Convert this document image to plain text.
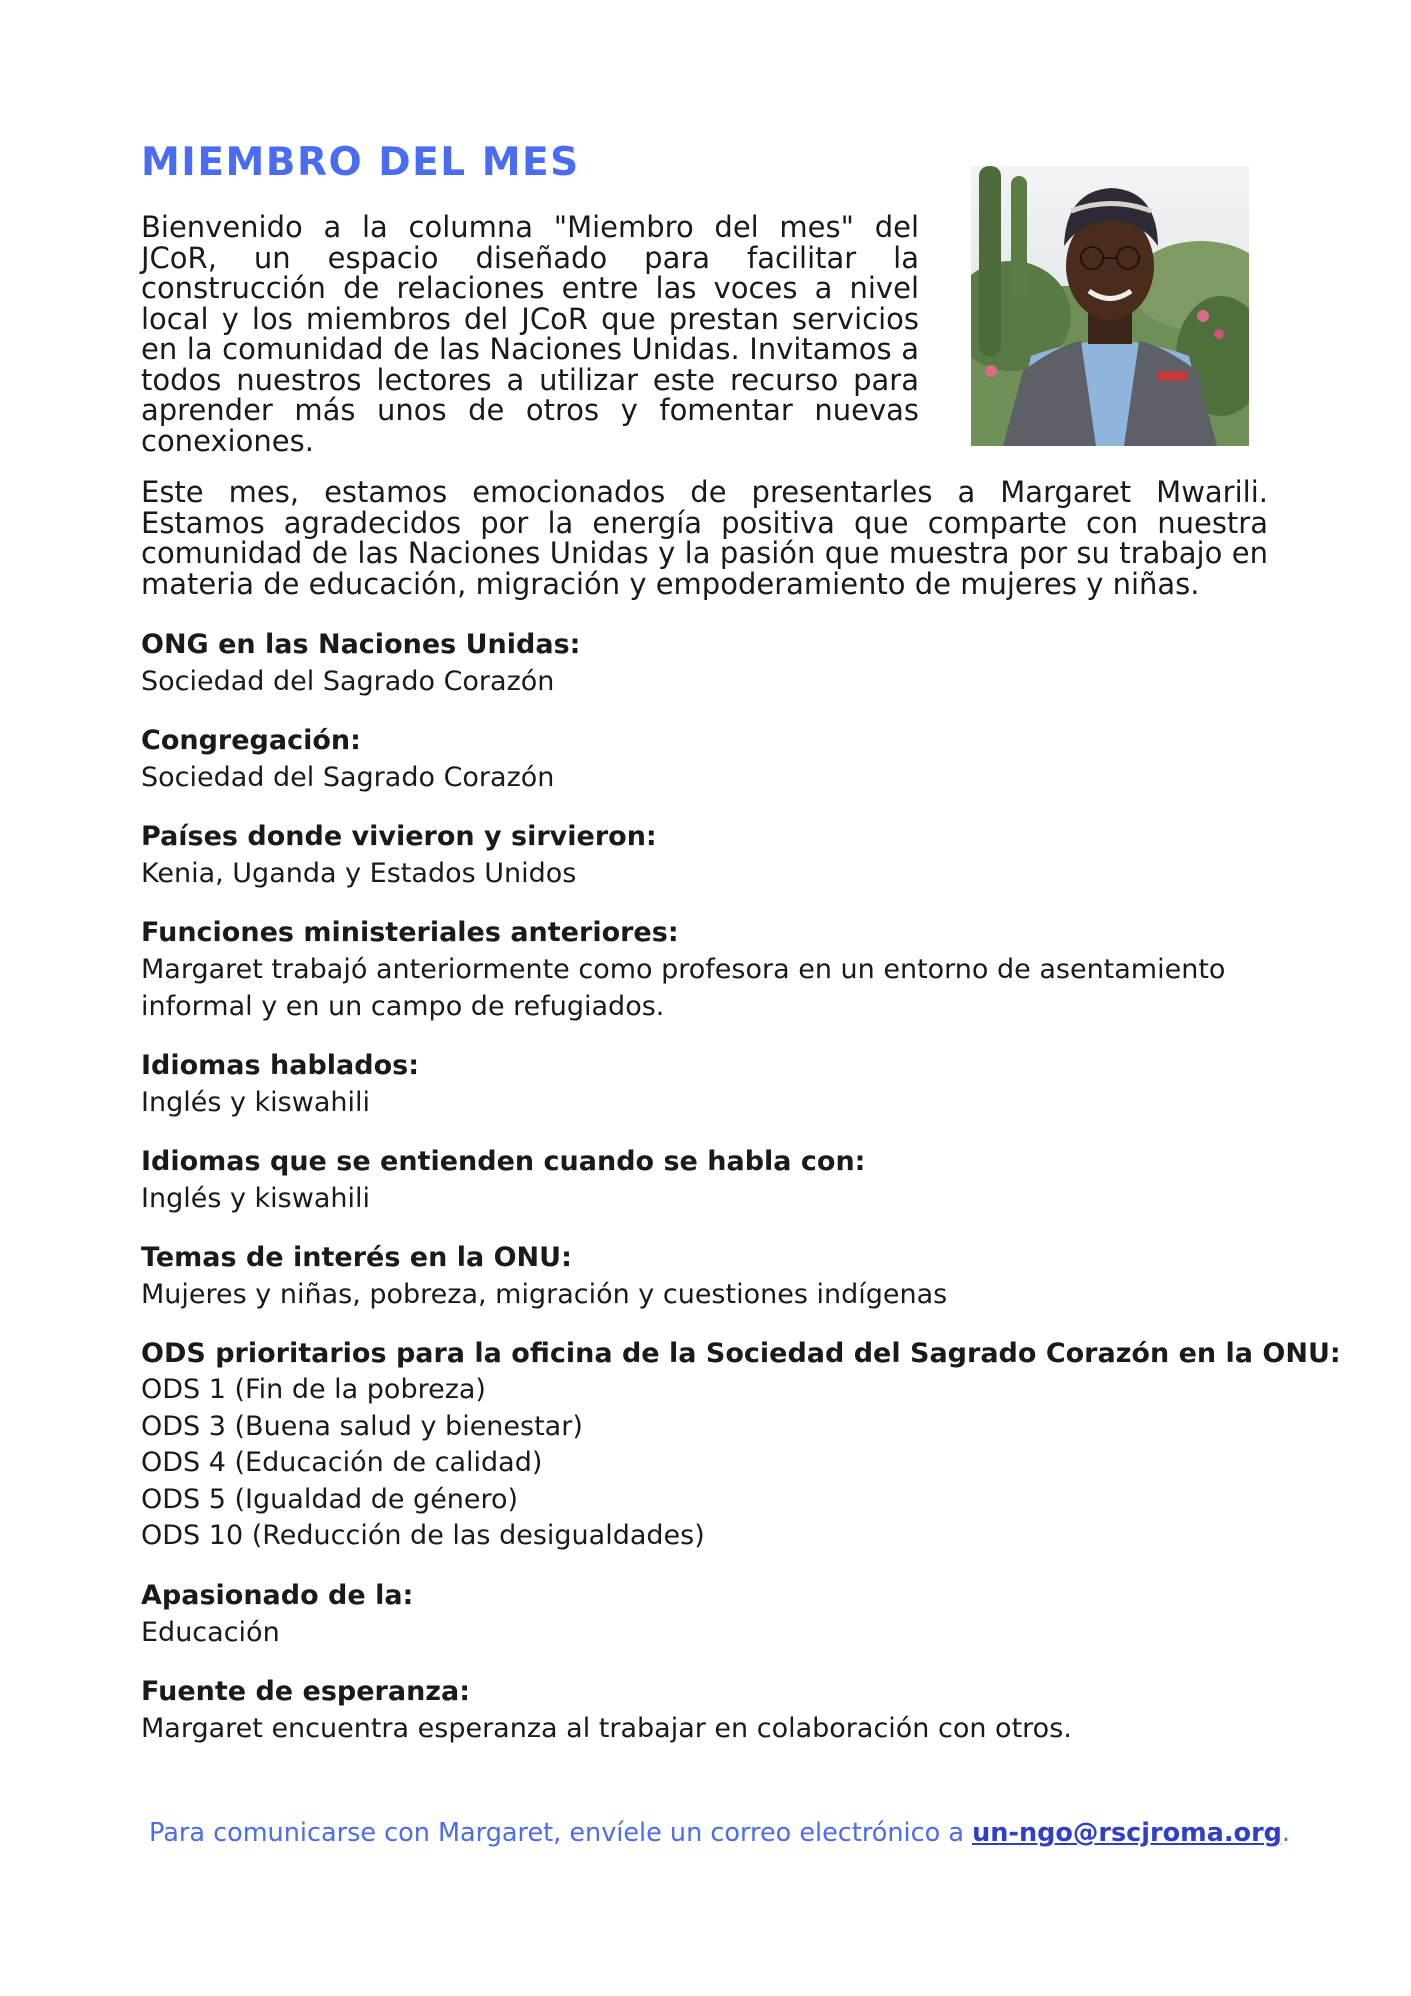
MIEMBRO DEL MES

Bienvenido a la columna "Miembro del mes" del JCoR, un espacio diseñado para facilitar la construcción de relaciones entre las voces a nivel local y los miembros del JCoR que prestan servicios en la comunidad de las Naciones Unidas. Invitamos a todos nuestros lectores a utilizar este recurso para aprender más unos de otros y fomentar nuevas conexiones.

Este mes, estamos emocionados de presentarles a Margaret Mwarili. Estamos agradecidos por la energía positiva que comparte con nuestra comunidad de las Naciones Unidas y la pasión que muestra por su trabajo en materia de educación, migración y empoderamiento de mujeres y niñas.

ONG en las Naciones Unidas:
Sociedad del Sagrado Corazón
Congregación:
Sociedad del Sagrado Corazón
Países donde vivieron y sirvieron:
Kenia, Uganda y Estados Unidos
Funciones ministeriales anteriores:
Margaret trabajó anteriormente como profesora en un entorno de asentamiento informal y en un campo de refugiados.
Idiomas hablados:
Inglés y kiswahili
Idiomas que se entienden cuando se habla con:
Inglés y kiswahili
Temas de interés en la ONU:
Mujeres y niñas, pobreza, migración y cuestiones indígenas
ODS prioritarios para la oficina de la Sociedad del Sagrado Corazón en la ONU:
ODS 1 (Fin de la pobreza)
ODS 3 (Buena salud y bienestar)
ODS 4 (Educación de calidad)
ODS 5 (Igualdad de género)
ODS 10 (Reducción de las desigualdades)
Apasionado de la:
Educación
Fuente de esperanza:
Margaret encuentra esperanza al trabajar en colaboración con otros.

Para comunicarse con Margaret, envíele un correo electrónico a un-ngo@rscjroma.org.
